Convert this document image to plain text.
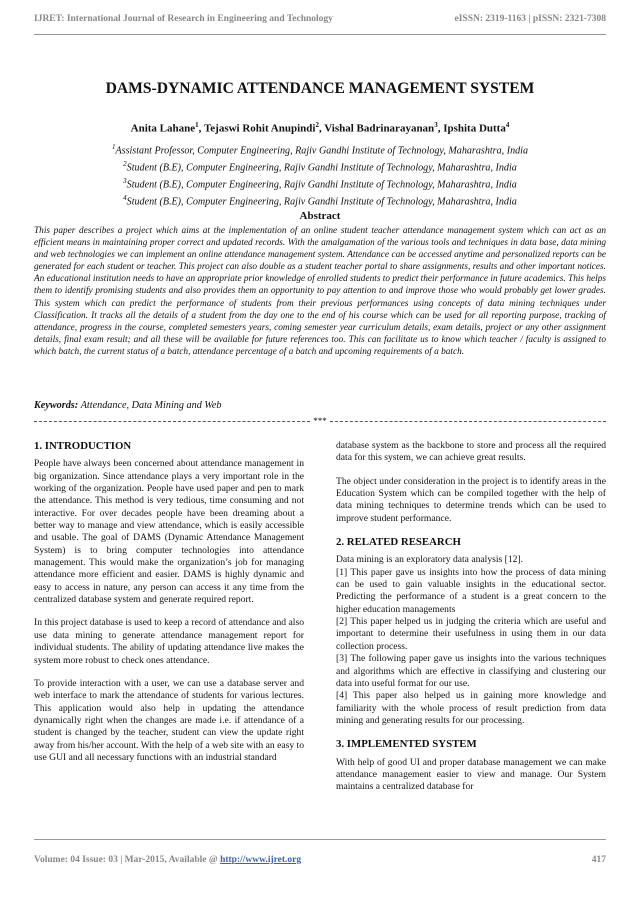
IJRET: International Journal of Research in Engineering and Technology	eISSN: 2319-1163 | pISSN: 2321-7308
DAMS-DYNAMIC ATTENDANCE MANAGEMENT SYSTEM
Anita Lahane$^1$, Tejaswi Rohit Anupindi$^2$, Vishal Badrinarayanan$^3$, Ipshita Dutta$^4$
$^1$Assistant Professor, Computer Engineering, Rajiv Gandhi Institute of Technology, Maharashtra, India
$^2$Student (B.E), Computer Engineering, Rajiv Gandhi Institute of Technology, Maharashtra, India
$^3$Student (B.E), Computer Engineering, Rajiv Gandhi Institute of Technology, Maharashtra, India
$^4$Student (B.E), Computer Engineering, Rajiv Gandhi Institute of Technology, Maharashtra, India
Abstract

This paper describes a project which aims at the implementation of an online student teacher attendance management system which can act as an efficient means in maintaining proper correct and updated records. With the amalgamation of the various tools and techniques in data base, data mining and web technologies we can implement an online attendance management system. Attendance can be accessed anytime and personalized reports can be generated for each student or teacher. This project can also double as a student teacher portal to share assignments, results and other important notices. An educational institution needs to have an appropriate prior knowledge of enrolled students to predict their performance in future academics. This helps them to identify promising students and also provides them an opportunity to pay attention to and improve those who would probably get lower grades. This system which can predict the performance of students from their previous performances using concepts of data mining techniques under Classification. It tracks all the details of a student from the day one to the end of his course which can be used for all reporting purpose, tracking of attendance, progress in the course, completed semesters years, coming semester year curriculum details, exam details, project or any other assignment details, final exam result; and all these will be available for future references too. This can facilitate us to know which teacher / faculty is assigned to which batch, the current status of a batch, attendance percentage of a batch and upcoming requirements of a batch.

Keywords: Attendance, Data Mining and Web
***
1. INTRODUCTION

People have always been concerned about attendance management in big organization. Since attendance plays a very important role in the working of the organization. People have used paper and pen to mark the attendance. This method is very tedious, time consuming and not interactive. For over decades people have been dreaming about a better way to manage and view attendance, which is easily accessible and usable. The goal of DAMS (Dynamic Attendance Management System) is to bring computer technologies into attendance management. This would make the organization’s job for managing attendance more efficient and easier. DAMS is highly dynamic and easy to access in nature, any person can access it any time from the centralized database system and generate required report.

In this project database is used to keep a record of attendance and also use data mining to generate attendance management report for individual students. The ability of updating attendance live makes the system more robust to check ones attendance.

To provide interaction with a user, we can use a database server and web interface to mark the attendance of students for various lectures. This application would also help in updating the attendance dynamically right when the changes are made i.e. if attendance of a student is changed by the teacher, student can view the update right away from his/her account. With the help of a web site with an easy to use GUI and all necessary functions with an industrial standard

database system as the backbone to store and process all the required data for this system, we can achieve great results.

The object under consideration in the project is to identify areas in the Education System which can be compiled together with the help of data mining techniques to determine trends which can be used to improve student performance.

2. RELATED RESEARCH

Data mining is an exploratory data analysis [12].

[1] This paper gave us insights into how the process of data mining can be used to gain valuable insights in the educational sector. Predicting the performance of a student is a great concern to the higher education managements

[2] This paper helped us in judging the criteria which are useful and important to determine their usefulness in using them in our data collection process.

[3] The following paper gave us insights into the various techniques and algorithms which are effective in classifying and clustering our data into useful format for our use.

[4] This paper also helped us in gaining more knowledge and familiarity with the whole process of result prediction from data mining and generating results for our processing.

3. IMPLEMENTED SYSTEM

With help of good UI and proper database management we can make attendance management easier to view and manage. Our System maintains a centralized database for

Volume: 04 Issue: 03 | Mar-2015, Available @ http://www.ijret.org	417
